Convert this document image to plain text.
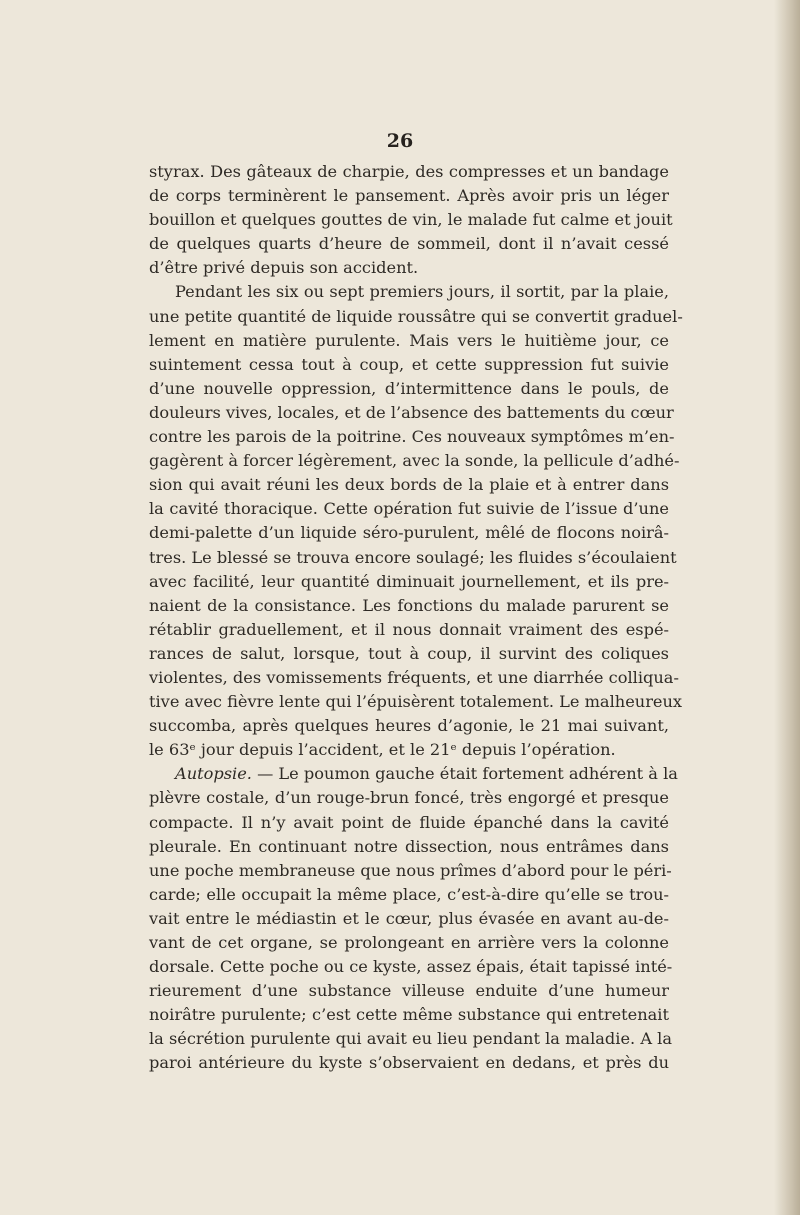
26
styrax. Des gâteaux de charpie, des compresses et un bandage
de corps terminèrent le pansement. Après avoir pris un léger
bouillon et quelques gouttes de vin, le malade fut calme et jouit
de quelques quarts d’heure de sommeil, dont il n’avait cessé
d’être privé depuis son accident.
Pendant les six ou sept premiers jours, il sortit, par la plaie,
une petite quantité de liquide roussâtre qui se convertit graduel-
lement en matière purulente. Mais vers le huitième jour, ce
suintement cessa tout à coup, et cette suppression fut suivie
d’une nouvelle oppression, d’intermittence dans le pouls, de
douleurs vives, locales, et de l’absence des battements du cœur
contre les parois de la poitrine. Ces nouveaux symptômes m’en-
gagèrent à forcer légèrement, avec la sonde, la pellicule d’adhé-
sion qui avait réuni les deux bords de la plaie et à entrer dans
la cavité thoracique. Cette opération fut suivie de l’issue d’une
demi-palette d’un liquide séro-purulent, mêlé de flocons noirâ-
tres. Le blessé se trouva encore soulagé; les fluides s’écoulaient
avec facilité, leur quantité diminuait journellement, et ils pre-
naient de la consistance. Les fonctions du malade parurent se
rétablir graduellement, et il nous donnait vraiment des espé-
rances de salut, lorsque, tout à coup, il survint des coliques
violentes, des vomissements fréquents, et une diarrhée colliqua-
tive avec fièvre lente qui l’épuisèrent totalement. Le malheureux
succomba, après quelques heures d’agonie, le 21 mai suivant,
le 63ᵉ jour depuis l’accident, et le 21ᵉ depuis l’opération.
Autopsie. — Le poumon gauche était fortement adhérent à la
plèvre costale, d’un rouge-brun foncé, très engorgé et presque
compacte. Il n’y avait point de fluide épanché dans la cavité
pleurale. En continuant notre dissection, nous entrâmes dans
une poche membraneuse que nous prîmes d’abord pour le péri-
carde; elle occupait la même place, c’est-à-dire qu’elle se trou-
vait entre le médiastin et le cœur, plus évasée en avant au-de-
vant de cet organe, se prolongeant en arrière vers la colonne
dorsale. Cette poche ou ce kyste, assez épais, était tapissé inté-
rieurement d’une substance villeuse enduite d’une humeur
noirâtre purulente; c’est cette même substance qui entretenait
la sécrétion purulente qui avait eu lieu pendant la maladie. A la
paroi antérieure du kyste s’observaient en dedans, et près du
